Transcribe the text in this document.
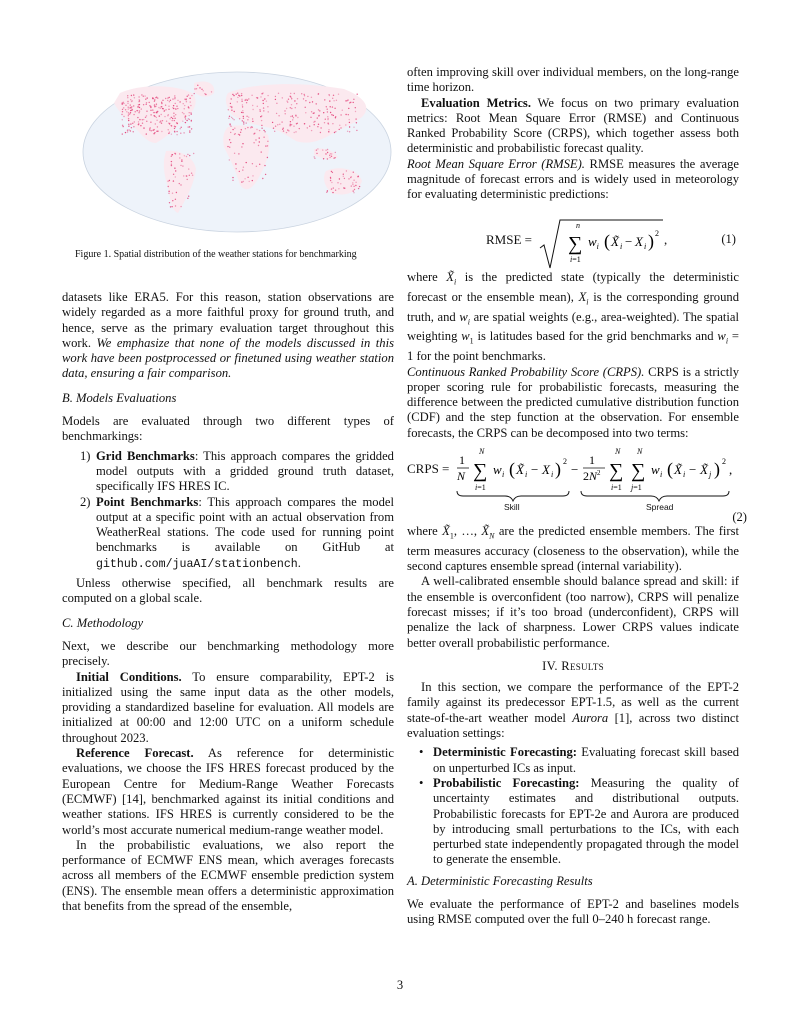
Figure 1. Spatial distribution of the weather stations for benchmarking

datasets like ERA5. For this reason, station observations are widely regarded as a more faithful proxy for ground truth, and hence, serve as the primary evaluation target throughout this work. We emphasize that none of the models discussed in this work have been postprocessed or finetuned using weather station data, ensuring a fair comparison.

B. Models Evaluations

Models are evaluated through two different types of benchmarkings:

1) Grid Benchmarks: This approach compares the gridded model outputs with a gridded ground truth dataset, specifically IFS HRES IC.
2) Point Benchmarks: This approach compares the model output at a specific point with an actual observation from WeatherReal stations. The code used for running point benchmarks is available on GitHub at github.com/juaAI/stationbench.

Unless otherwise specified, all benchmark results are computed on a global scale.

C. Methodology

Next, we describe our benchmarking methodology more precisely.

Initial Conditions. To ensure comparability, EPT-2 is initialized using the same input data as the other models, providing a standardized baseline for evaluation. All models are initialized at 00:00 and 12:00 UTC on a uniform schedule throughout 2023.

Reference Forecast. As reference for deterministic evaluations, we choose the IFS HRES forecast produced by the European Centre for Medium-Range Weather Forecasts (ECMWF) [14], benchmarked against its initial conditions and weather stations. IFS HRES is currently considered to be the world’s most accurate numerical medium-range weather model.

In the probabilistic evaluations, we also report the performance of ECMWF ENS mean, which averages forecasts across all members of the ECMWF ensemble prediction system (ENS). The ensemble mean offers a deterministic approximation that benefits from the spread of the ensemble,

often improving skill over individual members, on the long-range time horizon.

Evaluation Metrics. We focus on two primary evaluation metrics: Root Mean Square Error (RMSE) and Continuous Ranked Probability Score (CRPS), which together assess both deterministic and probabilistic forecast quality.

Root Mean Square Error (RMSE). RMSE measures the average magnitude of forecast errors and is widely used in meteorology for evaluating deterministic predictions:

RMSE =
n
∑
i=1
$w_i$ ( X̃ i − X i ) 2 ,	(1)

where $X̃_i$ is the predicted state (typically the deterministic forecast or the ensemble mean), $X_i$ is the corresponding ground truth, and $w_i$ are spatial weights (e.g., area-weighted). The spatial weighting $w_1$ is latitudes based for the grid benchmarks and $w_i = 1$ for the point benchmarks.

Continuous Ranked Probability Score (CRPS). CRPS is a strictly proper scoring rule for probabilistic forecasts, measuring the difference between the predicted cumulative distribution function (CDF) and the step function at the observation. For ensemble forecasts, the CRPS can be decomposed into two terms:

CRPS =
1
N
N
∑
i=1
w i ( X̃ i − X i ) 2
−
1
$2N^2$
N
∑
i=1
N
∑
j=1
w i ( X̃ i − X̃ j ) 2
,
Skill	Spread
(2)

where $X̃_1$, …, $X̃_N$ are the predicted ensemble members. The first term measures accuracy (closeness to the observation), while the second captures ensemble spread (internal variability).

A well-calibrated ensemble should balance spread and skill: if the ensemble is overconfident (too narrow), CRPS will penalize forecast misses; if it’s too broad (underconfident), CRPS will penalize the lack of sharpness. Lower CRPS values indicate better overall probabilistic performance.

IV. Results

In this section, we compare the performance of the EPT-2 family against its predecessor EPT-1.5, as well as the current state-of-the-art weather model Aurora [1], across two distinct evaluation settings:

• Deterministic Forecasting: Evaluating forecast skill based on unperturbed ICs as input.
• Probabilistic Forecasting: Measuring the quality of uncertainty estimates and distributional outputs. Probabilistic forecasts for EPT-2e and Aurora are produced by introducing small perturbations to the ICs, with each perturbed state independently propagated through the model to generate the ensemble.

A. Deterministic Forecasting Results

We evaluate the performance of EPT-2 and baselines models using RMSE computed over the full 0–240 h forecast range.

3
